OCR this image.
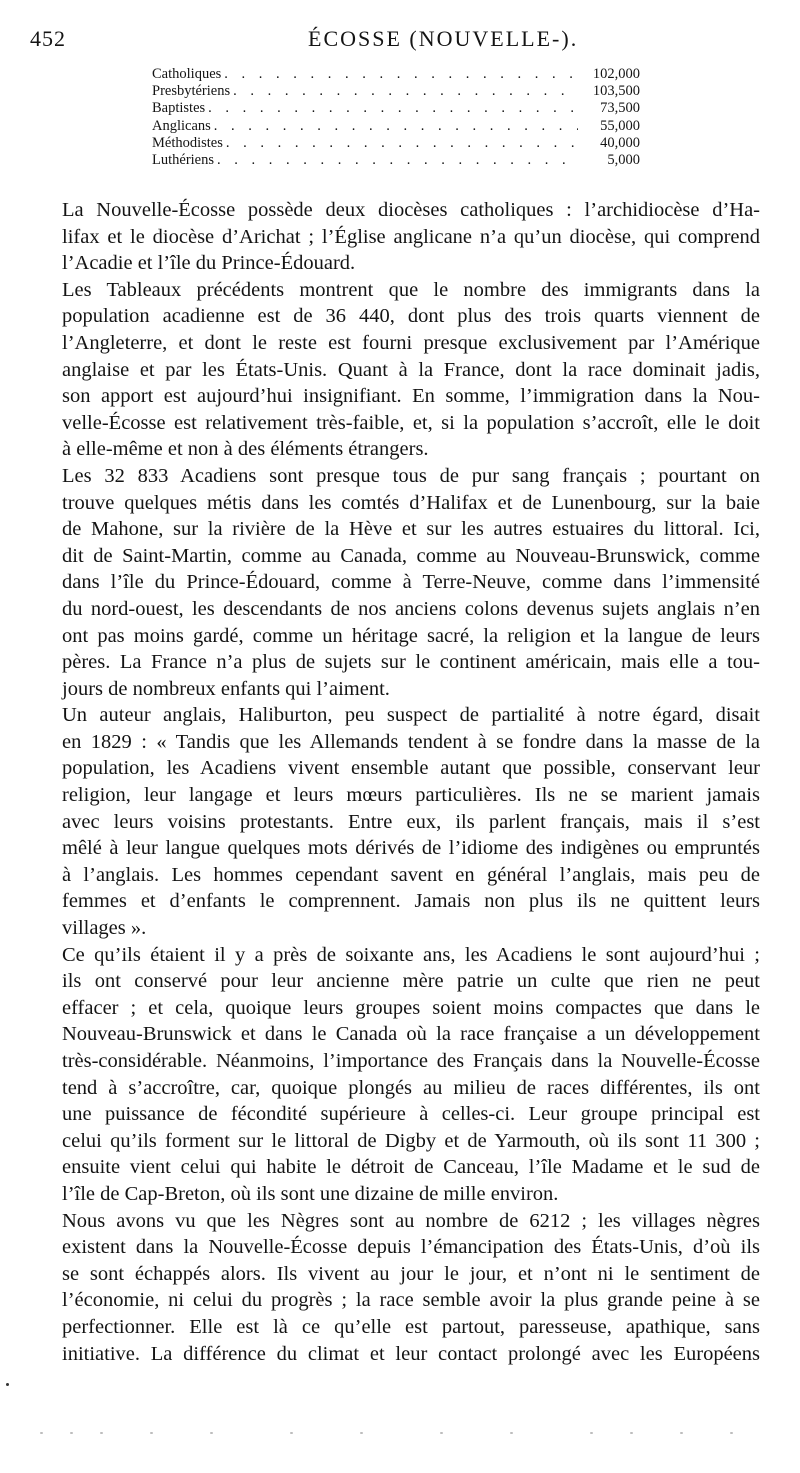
452	ÉCOSSE (NOUVELLE-).
Catholiques . . .	102,000
Presbytériens . . .	103,500
Baptistes . . .	73,500
Anglicans . . .	55,000
Méthodistes . . .	40,000
Luthériens . . .	5,000
La Nouvelle-Écosse possède deux diocèses catholiques : l’archidiocèse d’Ha-
lifax et le diocèse d’Arichat ; l’Église anglicane n’a qu’un diocèse, qui comprend
l’Acadie et l’île du Prince-Édouard.
Les Tableaux précédents montrent que le nombre des immigrants dans la
population acadienne est de 36 440, dont plus des trois quarts viennent de
l’Angleterre, et dont le reste est fourni presque exclusivement par l’Amérique
anglaise et par les États-Unis. Quant à la France, dont la race dominait jadis,
son apport est aujourd’hui insignifiant. En somme, l’immigration dans la Nou-
velle-Écosse est relativement très-faible, et, si la population s’accroît, elle le doit
à elle-même et non à des éléments étrangers.
Les 32 833 Acadiens sont presque tous de pur sang français ; pourtant on
trouve quelques métis dans les comtés d’Halifax et de Lunenbourg, sur la baie
de Mahone, sur la rivière de la Hève et sur les autres estuaires du littoral. Ici,
dit de Saint-Martin, comme au Canada, comme au Nouveau-Brunswick, comme
dans l’île du Prince-Édouard, comme à Terre-Neuve, comme dans l’immensité
du nord-ouest, les descendants de nos anciens colons devenus sujets anglais n’en
ont pas moins gardé, comme un héritage sacré, la religion et la langue de leurs
pères. La France n’a plus de sujets sur le continent américain, mais elle a tou-
jours de nombreux enfants qui l’aiment.
Un auteur anglais, Haliburton, peu suspect de partialité à notre égard, disait
en 1829 : « Tandis que les Allemands tendent à se fondre dans la masse de la
population, les Acadiens vivent ensemble autant que possible, conservant leur
religion, leur langage et leurs mœurs particulières. Ils ne se marient jamais
avec leurs voisins protestants. Entre eux, ils parlent français, mais il s’est
mêlé à leur langue quelques mots dérivés de l’idiome des indigènes ou empruntés
à l’anglais. Les hommes cependant savent en général l’anglais, mais peu de
femmes et d’enfants le comprennent. Jamais non plus ils ne quittent leurs
villages ».
Ce qu’ils étaient il y a près de soixante ans, les Acadiens le sont aujourd’hui ;
ils ont conservé pour leur ancienne mère patrie un culte que rien ne peut
effacer ; et cela, quoique leurs groupes soient moins compactes que dans le
Nouveau-Brunswick et dans le Canada où la race française a un développement
très-considérable. Néanmoins, l’importance des Français dans la Nouvelle-Écosse
tend à s’accroître, car, quoique plongés au milieu de races différentes, ils ont
une puissance de fécondité supérieure à celles-ci. Leur groupe principal est
celui qu’ils forment sur le littoral de Digby et de Yarmouth, où ils sont 11 300 ;
ensuite vient celui qui habite le détroit de Canceau, l’île Madame et le sud de
l’île de Cap-Breton, où ils sont une dizaine de mille environ.
Nous avons vu que les Nègres sont au nombre de 6212 ; les villages nègres
existent dans la Nouvelle-Écosse depuis l’émancipation des États-Unis, d’où ils
se sont échappés alors. Ils vivent au jour le jour, et n’ont ni le sentiment de
l’économie, ni celui du progrès ; la race semble avoir la plus grande peine à se
perfectionner. Elle est là ce qu’elle est partout, paresseuse, apathique, sans
initiative. La différence du climat et leur contact prolongé avec les Européens
